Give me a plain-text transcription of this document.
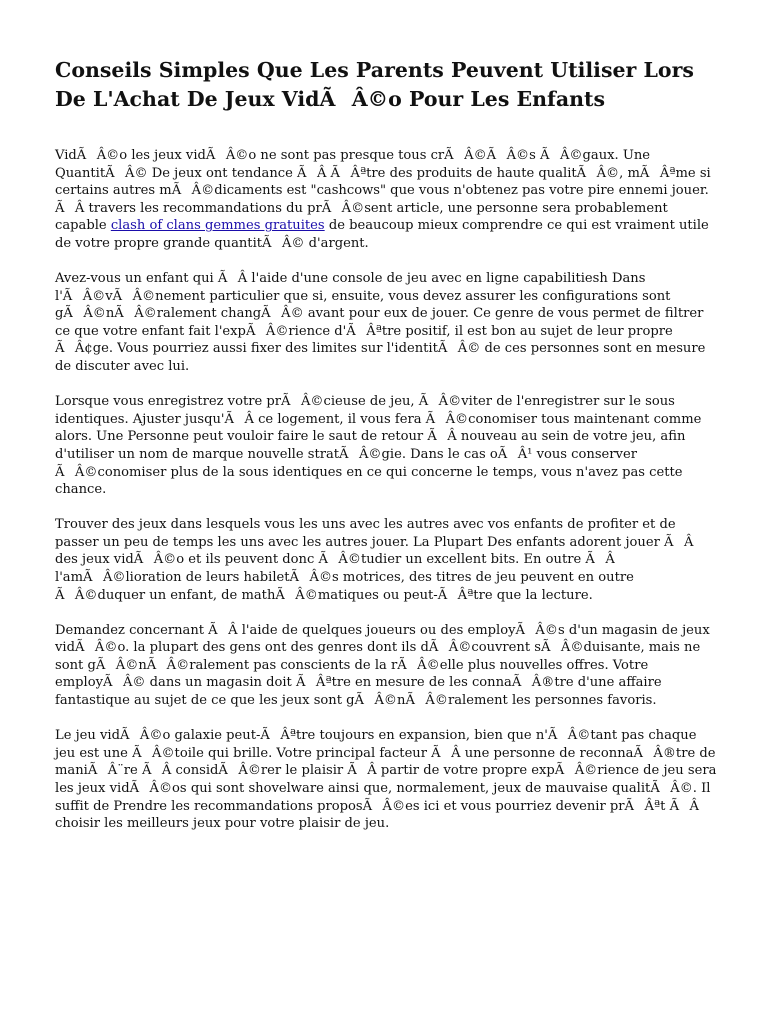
Conseils Simples Que Les Parents Peuvent Utiliser Lors De L'Achat De Jeux VidÃÂ©o Pour Les Enfants

VidÃÂ©o les jeux vidÃÂ©o ne sont pas presque tous crÃÂ©ÃÂ©s ÃÂ©gaux. Une QuantitÃÂ© De jeux ont tendance ÃÂ ÃÂªtre des produits de haute qualitÃÂ©, mÃÂªme si certains autres mÃÂ©dicaments est "cashcows" que vous n'obtenez pas votre pire ennemi jouer. ÃÂ travers les recommandations du prÃÂ©sent article, une personne sera probablement capable clash of clans gemmes gratuites de beaucoup mieux comprendre ce qui est vraiment utile de votre propre grande quantitÃÂ© d'argent.

Avez-vous un enfant qui ÃÂ l'aide d'une console de jeu avec en ligne capabilitiesh Dans l'ÃÂ©vÃÂ©nement particulier que si, ensuite, vous devez assurer les configurations sont gÃÂ©nÃÂ©ralement changÃÂ© avant pour eux de jouer. Ce genre de vous permet de filtrer ce que votre enfant fait l'expÃÂ©rience d'ÃÂªtre positif, il est bon au sujet de leur propre ÃÂ¢ge. Vous pourriez aussi fixer des limites sur l'identitÃÂ© de ces personnes sont en mesure de discuter avec lui.

Lorsque vous enregistrez votre prÃÂ©cieuse de jeu, ÃÂ©viter de l'enregistrer sur le sous identiques. Ajuster jusqu'ÃÂ ce logement, il vous fera ÃÂ©conomiser tous maintenant comme alors. Une Personne peut vouloir faire le saut de retour ÃÂ nouveau au sein de votre jeu, afin d'utiliser un nom de marque nouvelle stratÃÂ©gie. Dans le cas oÃÂ¹ vous conserver ÃÂ©conomiser plus de la sous identiques en ce qui concerne le temps, vous n'avez pas cette chance.

Trouver des jeux dans lesquels vous les uns avec les autres avec vos enfants de profiter et de passer un peu de temps les uns avec les autres jouer. La Plupart Des enfants adorent jouer ÃÂ des jeux vidÃÂ©o et ils peuvent donc ÃÂ©tudier un excellent bits. En outre ÃÂ l'amÃÂ©lioration de leurs habiletÃÂ©s motrices, des titres de jeu peuvent en outre ÃÂ©duquer un enfant, de mathÃÂ©matiques ou peut-ÃÂªtre que la lecture.

Demandez concernant ÃÂ l'aide de quelques joueurs ou des employÃÂ©s d'un magasin de jeux vidÃÂ©o. la plupart des gens ont des genres dont ils dÃÂ©couvrent sÃÂ©duisante, mais ne sont gÃÂ©nÃÂ©ralement pas conscients de la rÃÂ©elle plus nouvelles offres. Votre employÃÂ© dans un magasin doit ÃÂªtre en mesure de les connaÃÂ®tre d'une affaire fantastique au sujet de ce que les jeux sont gÃÂ©nÃÂ©ralement les personnes favoris.

Le jeu vidÃÂ©o galaxie peut-ÃÂªtre toujours en expansion, bien que n'ÃÂ©tant pas chaque jeu est une ÃÂ©toile qui brille. Votre principal facteur ÃÂ une personne de reconnaÃÂ®tre de maniÃÂ¨re ÃÂ considÃÂ©rer le plaisir ÃÂ partir de votre propre expÃÂ©rience de jeu sera les jeux vidÃÂ©os qui sont shovelware ainsi que, normalement, jeux de mauvaise qualitÃÂ©. Il suffit de Prendre les recommandations proposÃÂ©es ici et vous pourriez devenir prÃÂªt ÃÂ choisir les meilleurs jeux pour votre plaisir de jeu.
